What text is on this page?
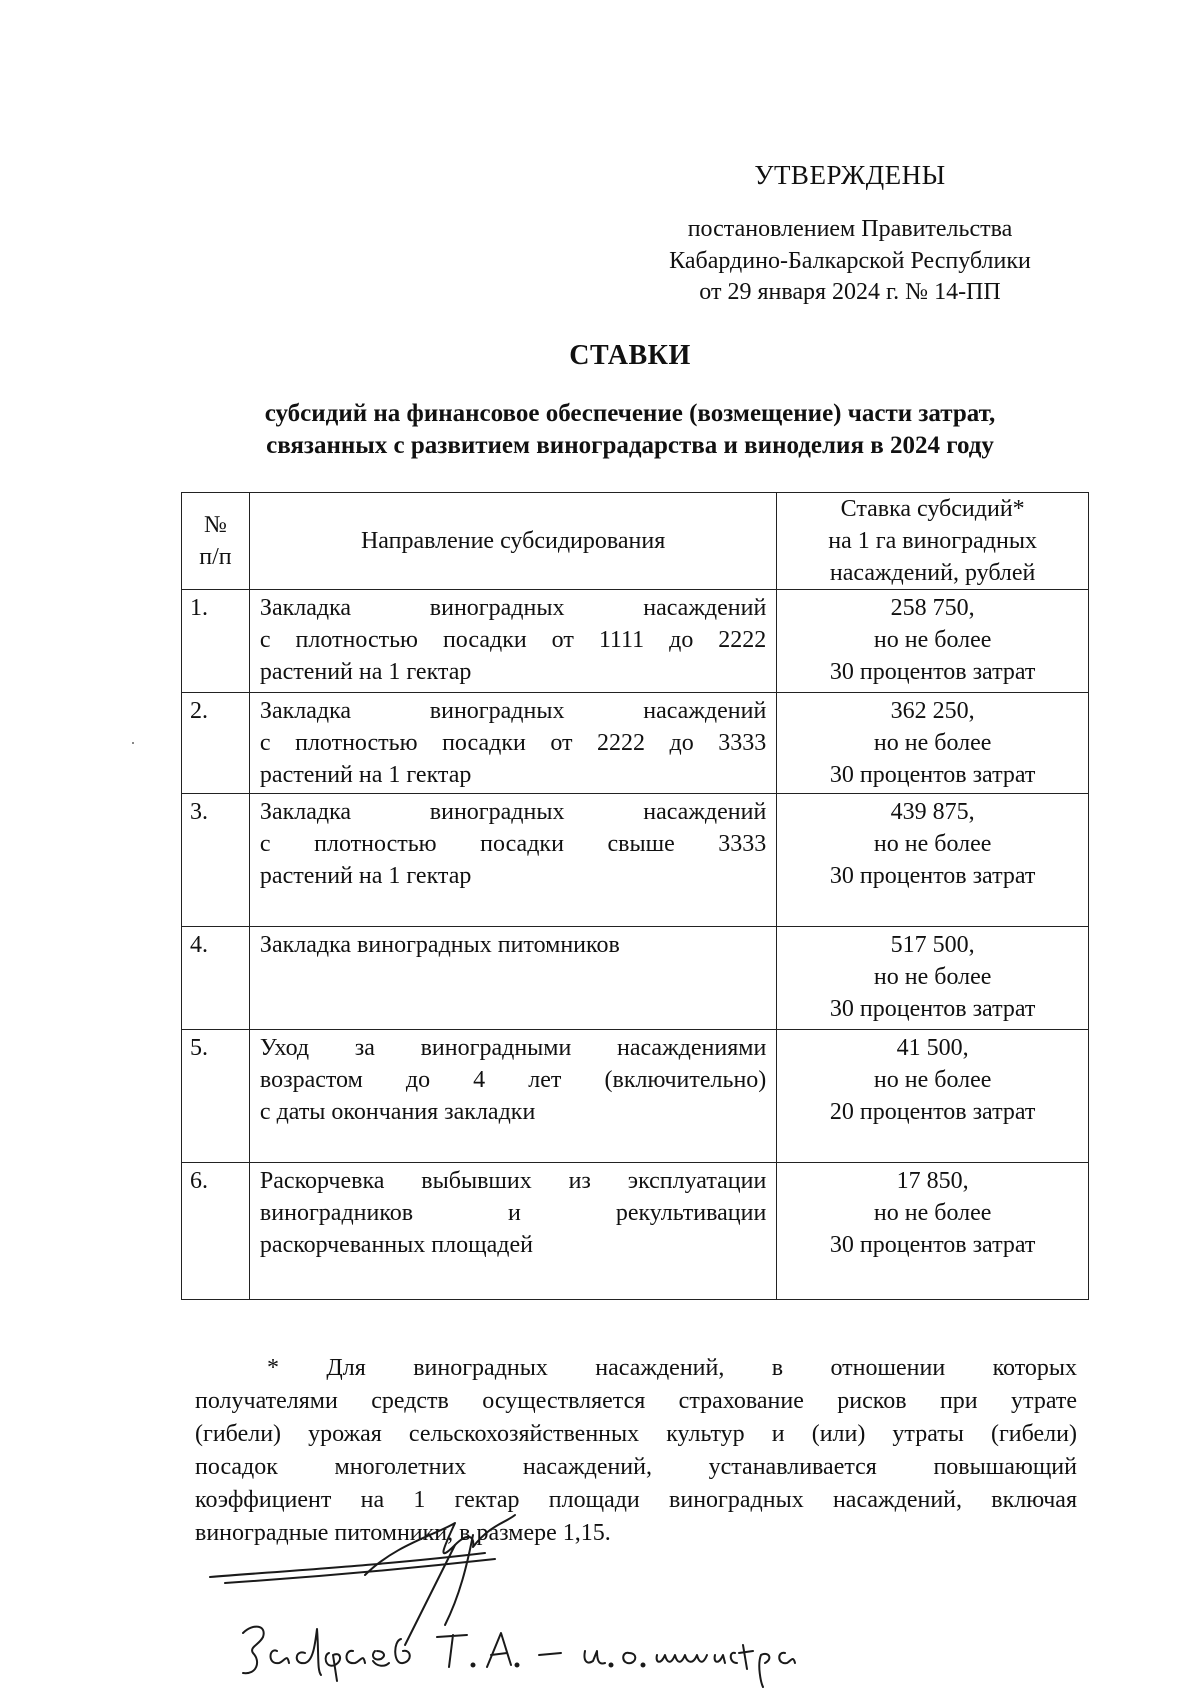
УТВЕРЖДЕНЫ
постановлением Правительства
Кабардино-Балкарской Республики
от 29 января 2024 г. № 14-ПП
СТАВКИ
субсидий на финансовое обеспечение (возмещение) части затрат,
связанных с развитием виноградарства и виноделия в 2024 году
№
п/п	Направление субсидирования	Ставка субсидий*
на 1 га виноградных
насаждений, рублей

1.	Закладка виноградных насаждений
с плотностью посадки от 1111 до 2222
растений на 1 гектар	258 750,
но не более
30 процентов затрат

2.	Закладка виноградных насаждений
с плотностью посадки от 2222 до 3333
растений на 1 гектар	362 250,
но не более
30 процентов затрат

3.	Закладка виноградных насаждений
с плотностью посадки свыше 3333
растений на 1 гектар	439 875,
но не более
30 процентов затрат

4.	Закладка виноградных питомников	517 500,
но не более
30 процентов затрат

5.	Уход за виноградными насаждениями
возрастом до 4 лет (включительно)
с даты окончания закладки	41 500,
но не более
20 процентов затрат

6.	Раскорчевка выбывших из эксплуатации
виноградников и рекультивации
раскорчеванных площадей	17 850,
но не более
30 процентов затрат
* Для виноградных насаждений, в отношении которых
получателями средств осуществляется страхование рисков при утрате
(гибели) урожая сельскохозяйственных культур и (или) утраты (гибели)
посадок многолетних насаждений, устанавливается повышающий
коэффициент на 1 гектар площади виноградных насаждений, включая
виноградные питомники, в размере 1,15.
